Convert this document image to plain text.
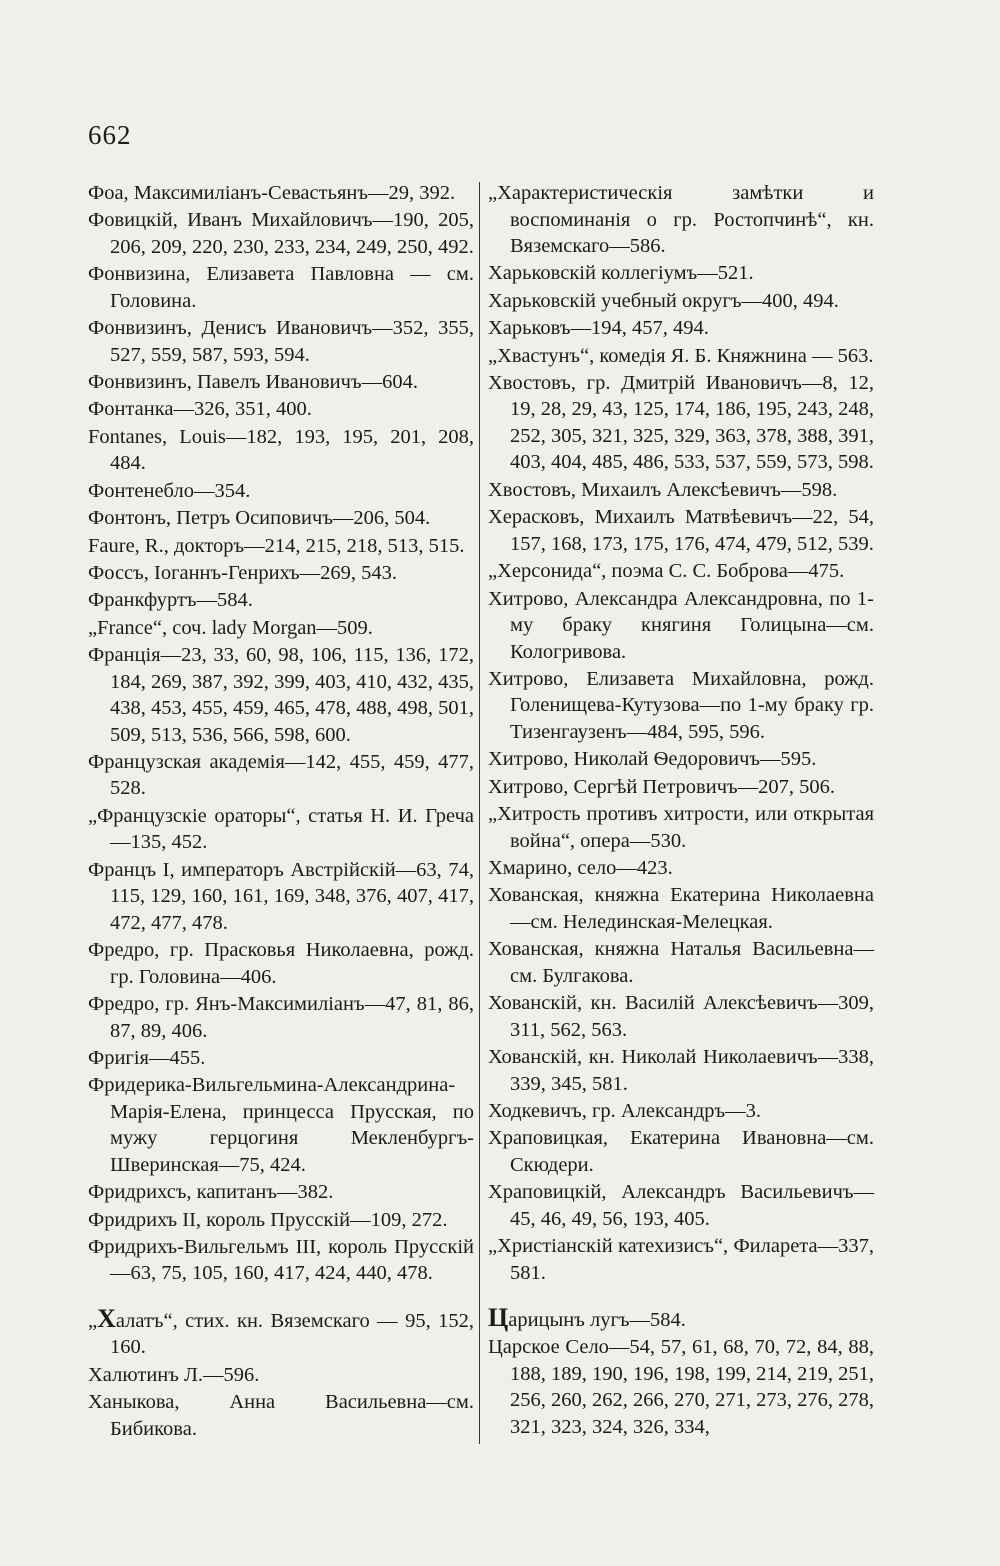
662
Фоа, Максимиліанъ-Севастьянъ—29, 392.
Фовицкій, Иванъ Михайловичъ—190, 205, 206, 209, 220, 230, 233, 234, 249, 250, 492.
Фонвизина, Елизавета Павловна — см. Головина.
Фонвизинъ, Денисъ Ивановичъ—352, 355, 527, 559, 587, 593, 594.
Фонвизинъ, Павелъ Ивановичъ—604.
Фонтанка—326, 351, 400.
Fontanes, Louis—182, 193, 195, 201, 208, 484.
Фонтенебло—354.
Фонтонъ, Петръ Осиповичъ—206, 504.
Faure, R., докторъ—214, 215, 218, 513, 515.
Фоссъ, Іоганнъ-Генрихъ—269, 543.
Франкфуртъ—584.
„France“, соч. lady Morgan—509.
Франція—23, 33, 60, 98, 106, 115, 136, 172, 184, 269, 387, 392, 399, 403, 410, 432, 435, 438, 453, 455, 459, 465, 478, 488, 498, 501, 509, 513, 536, 566, 598, 600.
Французская академія—142, 455, 459, 477, 528.
„Французскіе ораторы“, статья Н. И. Греча—135, 452.
Францъ I, императоръ Австрійскій—63, 74, 115, 129, 160, 161, 169, 348, 376, 407, 417, 472, 477, 478.
Фредро, гр. Прасковья Николаевна, рожд. гр. Головина—406.
Фредро, гр. Янъ-Максимиліанъ—47, 81, 86, 87, 89, 406.
Фригія—455.
Фридерика-Вильгельмина-Александрина-Марія-Елена, принцесса Прусская, по мужу герцогиня Мекленбургъ-Шверинская—75, 424.
Фридрихсъ, капитанъ—382.
Фридрихъ II, король Прусскій—109, 272.
Фридрихъ-Вильгельмъ III, король Прусскій—63, 75, 105, 160, 417, 424, 440, 478.
„Халатъ“, стих. кн. Вяземскаго — 95, 152, 160.
Халютинъ Л.—596.
Ханыкова, Анна Васильевна—см. Бибикова.
„Характеристическія замѣтки и воспоминанія о гр. Ростопчинѣ“, кн. Вяземскаго—586.
Харьковскій коллегіумъ—521.
Харьковскій учебный округъ—400, 494.
Харьковъ—194, 457, 494.
„Хвастунъ“, комедія Я. Б. Княжнина — 563.
Хвостовъ, гр. Дмитрій Ивановичъ—8, 12, 19, 28, 29, 43, 125, 174, 186, 195, 243, 248, 252, 305, 321, 325, 329, 363, 378, 388, 391, 403, 404, 485, 486, 533, 537, 559, 573, 598.
Хвостовъ, Михаилъ Алексѣевичъ—598.
Херасковъ, Михаилъ Матвѣевичъ—22, 54, 157, 168, 173, 175, 176, 474, 479, 512, 539.
„Херсонида“, поэма С. С. Боброва—475.
Хитрово, Александра Александровна, по 1-му браку княгиня Голицына—см. Кологривова.
Хитрово, Елизавета Михайловна, рожд. Голенищева-Кутузова—по 1-му браку гр. Тизенгаузенъ—484, 595, 596.
Хитрово, Николай Ѳедоровичъ—595.
Хитрово, Сергѣй Петровичъ—207, 506.
„Хитрость противъ хитрости, или открытая война“, опера—530.
Хмарино, село—423.
Хованская, княжна Екатерина Николаевна—см. Нелединская-Мелецкая.
Хованская, княжна Наталья Васильевна—см. Булгакова.
Хованскій, кн. Василій Алексѣевичъ—309, 311, 562, 563.
Хованскій, кн. Николай Николаевичъ—338, 339, 345, 581.
Ходкевичъ, гр. Александръ—3.
Храповицкая, Екатерина Ивановна—см. Скюдери.
Храповицкій, Александръ Васильевичъ—45, 46, 49, 56, 193, 405.
„Христіанскій катехизисъ“, Филарета—337, 581.
Царицынъ лугъ—584.
Царское Село—54, 57, 61, 68, 70, 72, 84, 88, 188, 189, 190, 196, 198, 199, 214, 219, 251, 256, 260, 262, 266, 270, 271, 273, 276, 278, 321, 323, 324, 326, 334,
